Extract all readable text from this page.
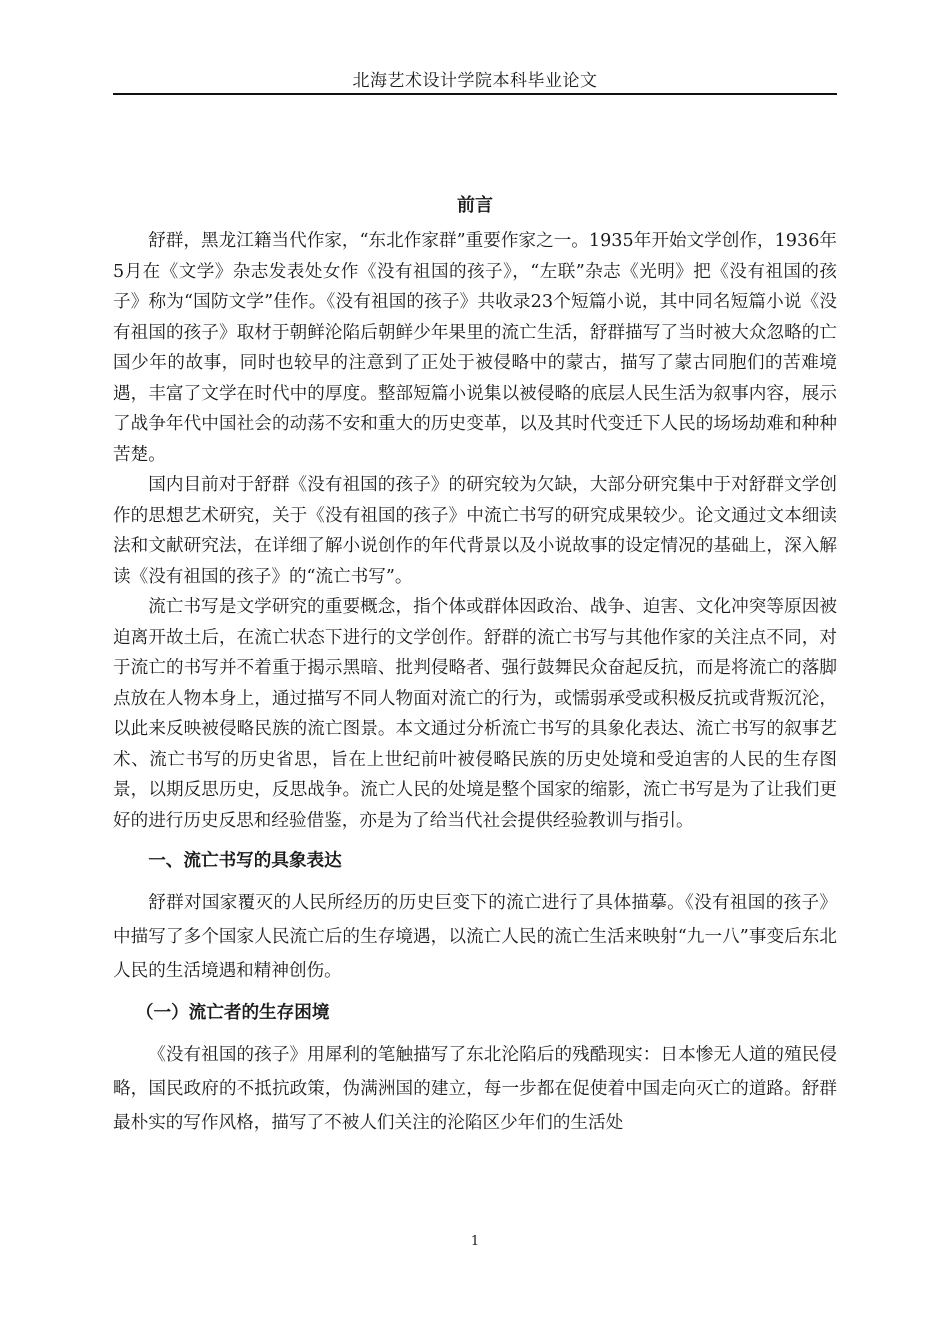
北海艺术设计学院本科毕业论文
前言

舒群，黑龙江籍当代作家，“东北作家群”重要作家之一。1935年开始文学创作，1936年5月在《文学》杂志发表处女作《没有祖国的孩子》，“左联”杂志《光明》把《没有祖国的孩子》称为“国防文学”佳作。《没有祖国的孩子》共收录23个短篇小说，其中同名短篇小说《没有祖国的孩子》取材于朝鲜沦陷后朝鲜少年果里的流亡生活，舒群描写了当时被大众忽略的亡国少年的故事，同时也较早的注意到了正处于被侵略中的蒙古，描写了蒙古同胞们的苦难境遇，丰富了文学在时代中的厚度。整部短篇小说集以被侵略的底层人民生活为叙事内容，展示了战争年代中国社会的动荡不安和重大的历史变革，以及其时代变迁下人民的场场劫难和种种苦楚。

国内目前对于舒群《没有祖国的孩子》的研究较为欠缺，大部分研究集中于对舒群文学创作的思想艺术研究，关于《没有祖国的孩子》中流亡书写的研究成果较少。论文通过文本细读法和文献研究法，在详细了解小说创作的年代背景以及小说故事的设定情况的基础上，深入解读《没有祖国的孩子》的“流亡书写”。

流亡书写是文学研究的重要概念，指个体或群体因政治、战争、迫害、文化冲突等原因被迫离开故土后，在流亡状态下进行的文学创作。舒群的流亡书写与其他作家的关注点不同，对于流亡的书写并不着重于揭示黑暗、批判侵略者、强行鼓舞民众奋起反抗，而是将流亡的落脚点放在人物本身上，通过描写不同人物面对流亡的行为，或懦弱承受或积极反抗或背叛沉沦，以此来反映被侵略民族的流亡图景。本文通过分析流亡书写的具象化表达、流亡书写的叙事艺术、流亡书写的历史省思，旨在上世纪前叶被侵略民族的历史处境和受迫害的人民的生存图景，以期反思历史，反思战争。流亡人民的处境是整个国家的缩影，流亡书写是为了让我们更好的进行历史反思和经验借鉴，亦是为了给当代社会提供经验教训与指引。

一、流亡书写的具象表达

舒群对国家覆灭的人民所经历的历史巨变下的流亡进行了具体描摹。《没有祖国的孩子》中描写了多个国家人民流亡后的生存境遇，以流亡人民的流亡生活来映射“九一八”事变后东北人民的生活境遇和精神创伤。

（一）流亡者的生存困境

《没有祖国的孩子》用犀利的笔触描写了东北沦陷后的残酷现实：日本惨无人道的殖民侵略，国民政府的不抵抗政策，伪满洲国的建立，每一步都在促使着中国走向灭亡的道路。舒群最朴实的写作风格，描写了不被人们关注的沦陷区少年们的生活处

1
